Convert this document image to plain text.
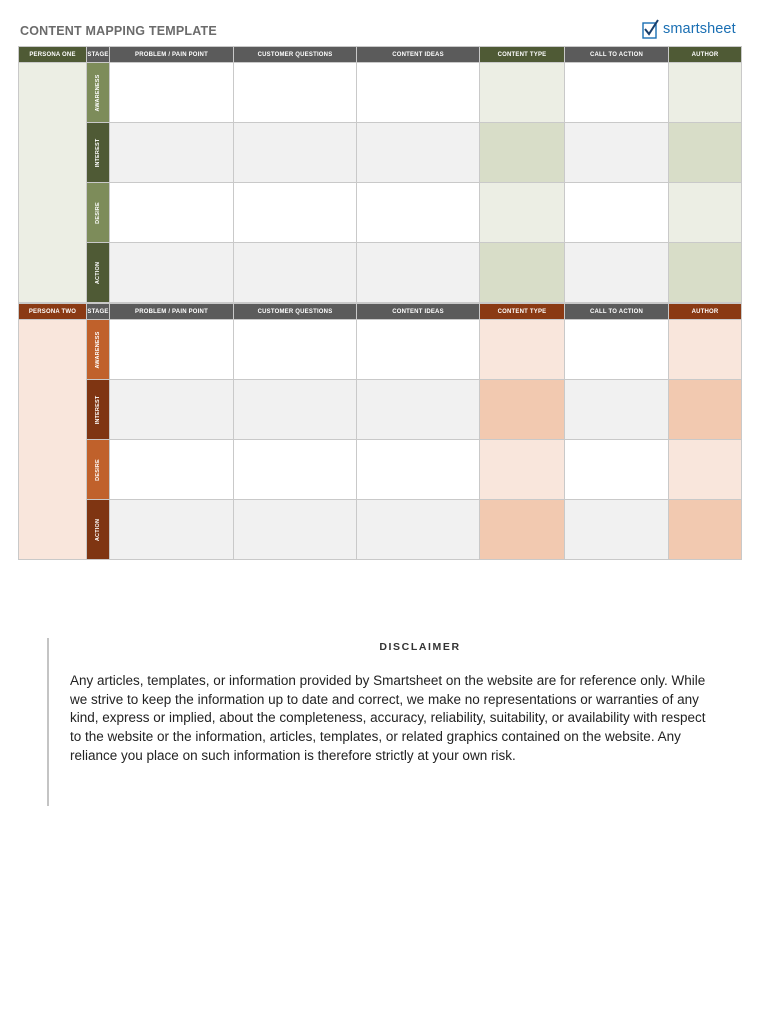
CONTENT MAPPING TEMPLATE	smartsheet
PERSONA ONE	STAGE	PROBLEM / PAIN POINT	CUSTOMER QUESTIONS	CONTENT IDEAS	CONTENT TYPE	CALL TO ACTION	AUTHOR

	AWARENESS						

	INTEREST						

	DESIRE						

	ACTION						

PERSONA TWO	STAGE	PROBLEM / PAIN POINT	CUSTOMER QUESTIONS	CONTENT IDEAS	CONTENT TYPE	CALL TO ACTION	AUTHOR

	AWARENESS						

	INTEREST						

	DESIRE						

	ACTION						

DISCLAIMER
Any articles, templates, or information provided by Smartsheet on the website are for reference only. While we strive to keep the information up to date and correct, we make no representations or warranties of any kind, express or implied, about the completeness, accuracy, reliability, suitability, or availability with respect to the website or the information, articles, templates, or related graphics contained on the website. Any reliance you place on such information is therefore strictly at your own risk.
